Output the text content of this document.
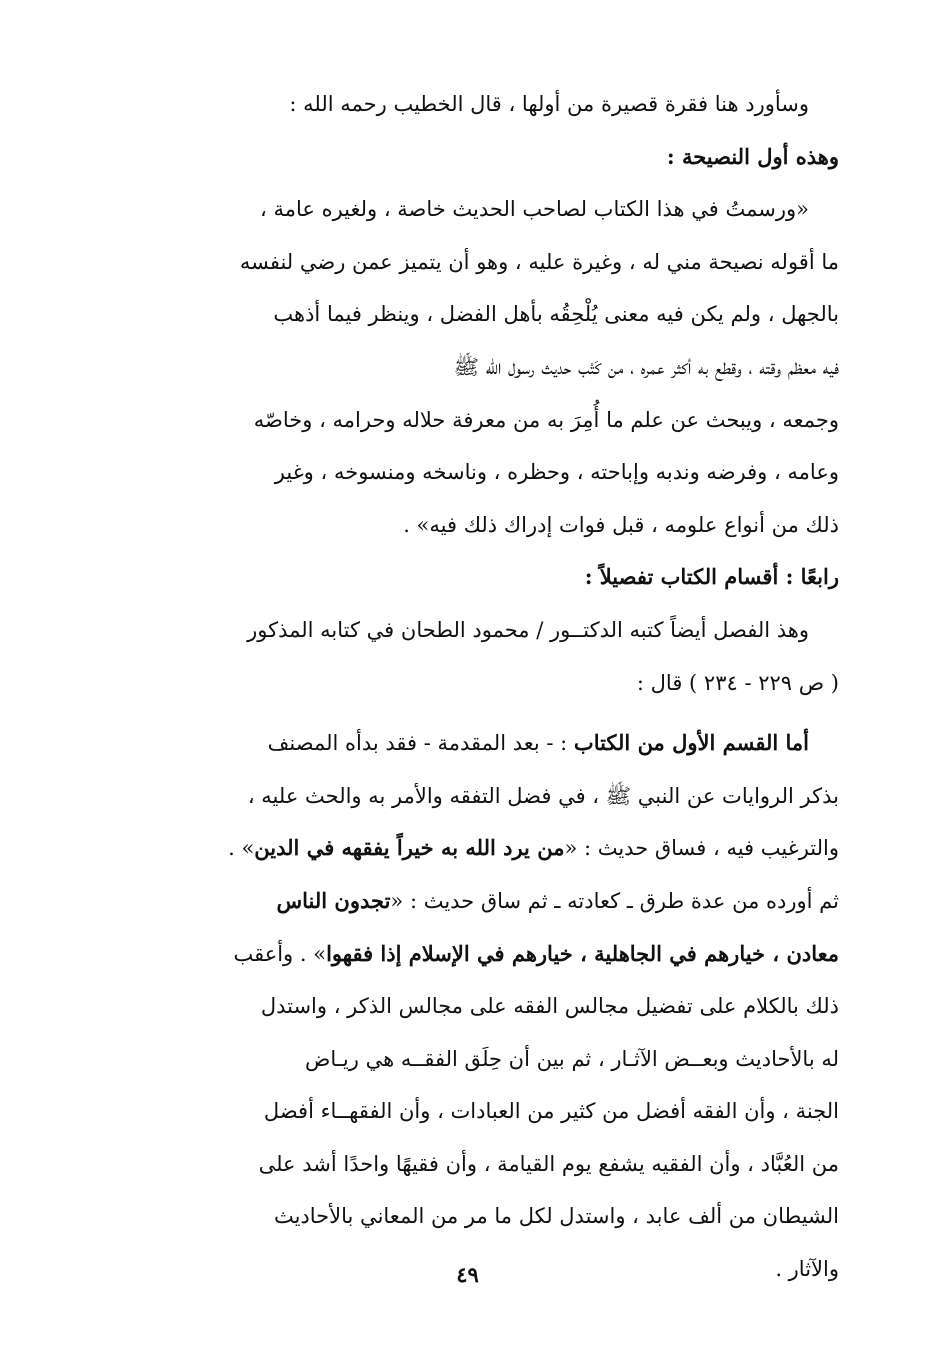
وسأورد هنا فقرة قصيرة من أولها ، قال الخطيب رحمه الله :
وهذه أول النصيحة :
«ورسمتُ في هذا الكتاب لصاحب الحديث خاصة ، ولغيره عامة ،
ما أقوله نصيحة مني له ، وغيرة عليه ، وهو أن يتميز عمن رضي لنفسه
بالجهل ، ولم يكن فيه معنى يُلْحِقُه بأهل الفضل ، وينظر فيما أذهب
فيه معظم وقته ، وقطع به أكثر عمره ، من كَتْب حديث رسول الله ﷺ
وجمعه ، ويبحث عن علم ما أُمِرَ به من معرفة حلاله وحرامه ، وخاصّه
وعامه ، وفرضه وندبه وإباحته ، وحظره ، وناسخه ومنسوخه ، وغير
ذلك من أنواع علومه ، قبل فوات إدراك ذلك فيه» .
رابعًا : أقسام الكتاب تفصيلاً :
وهذ الفصل أيضاً كتبه الدكتــور / محمود الطحان في كتابه المذكور
( ص ٢٢٩ - ٢٣٤ ) قال :
أما القسم الأول من الكتاب : - بعد المقدمة - فقد بدأه المصنف
بذكر الروايات عن النبي ﷺ ، في فضل التفقه والأمر به والحث عليه ،
والترغيب فيه ، فساق حديث : «من يرد الله به خيراً يفقهه في الدين» .
ثم أورده من عدة طرق ـ كعادته ـ ثم ساق حديث : «تجدون الناس
معادن ، خيارهم في الجاهلية ، خيارهم في الإسلام إذا فقهوا» . وأعقب
ذلك بالكلام على تفضيل مجالس الفقه على مجالس الذكر ، واستدل
له بالأحاديث وبعــض الآثـار ، ثم بين أن حِلَق الفقــه هي ريـاض
الجنة ، وأن الفقه أفضل من كثير من العبادات ، وأن الفقهــاء أفضل
من العُبَّاد ، وأن الفقيه يشفع يوم القيامة ، وأن فقيهًا واحدًا أشد على
الشيطان من ألف عابد ، واستدل لكل ما مر من المعاني بالأحاديث
والآثار .
٤٩
